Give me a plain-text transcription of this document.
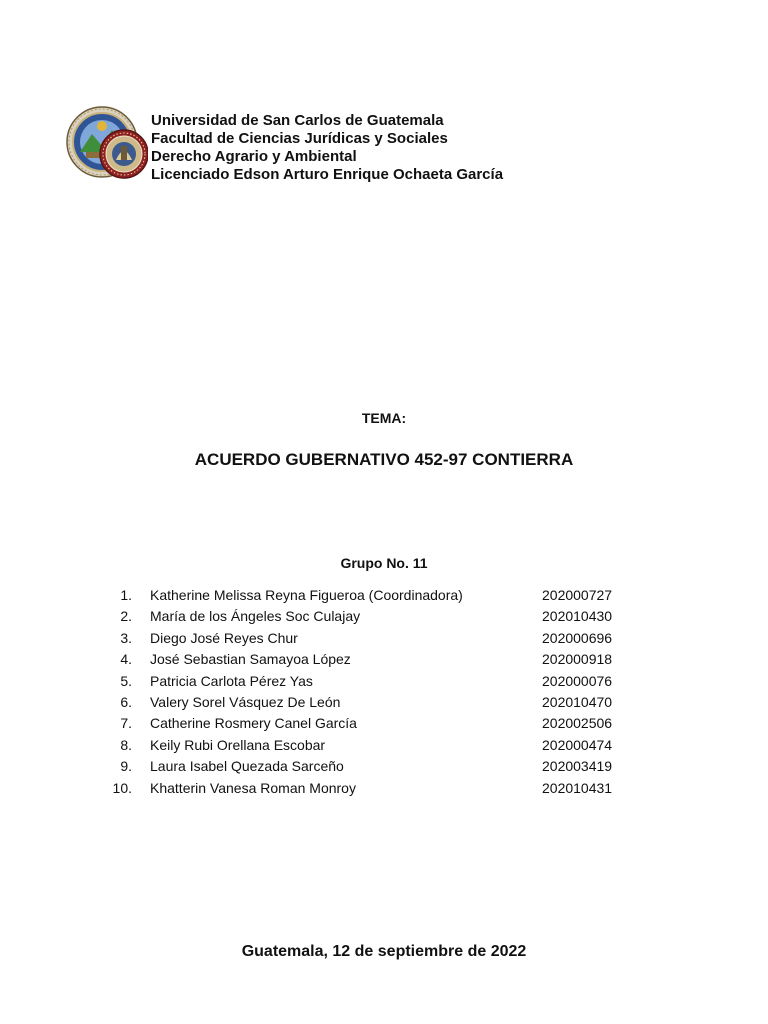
Universidad de San Carlos de Guatemala
Facultad de Ciencias Jurídicas y Sociales
Derecho Agrario y Ambiental
Licenciado Edson Arturo Enrique Ochaeta García
TEMA:
ACUERDO GUBERNATIVO 452-97 CONTIERRA
Grupo No. 11
1. Katherine Melissa Reyna Figueroa (Coordinadora)	202000727
2. María de los Ángeles Soc Culajay	202010430
3. Diego José Reyes Chur	202000696
4. José Sebastian Samayoa López	202000918
5. Patricia Carlota Pérez Yas	202000076
6. Valery Sorel Vásquez De León	202010470
7. Catherine Rosmery Canel García	202002506
8. Keily Rubi Orellana Escobar	202000474
9. Laura Isabel Quezada Sarceño	202003419
10. Khatterin Vanesa Roman Monroy	202010431
Guatemala, 12 de septiembre de 2022
